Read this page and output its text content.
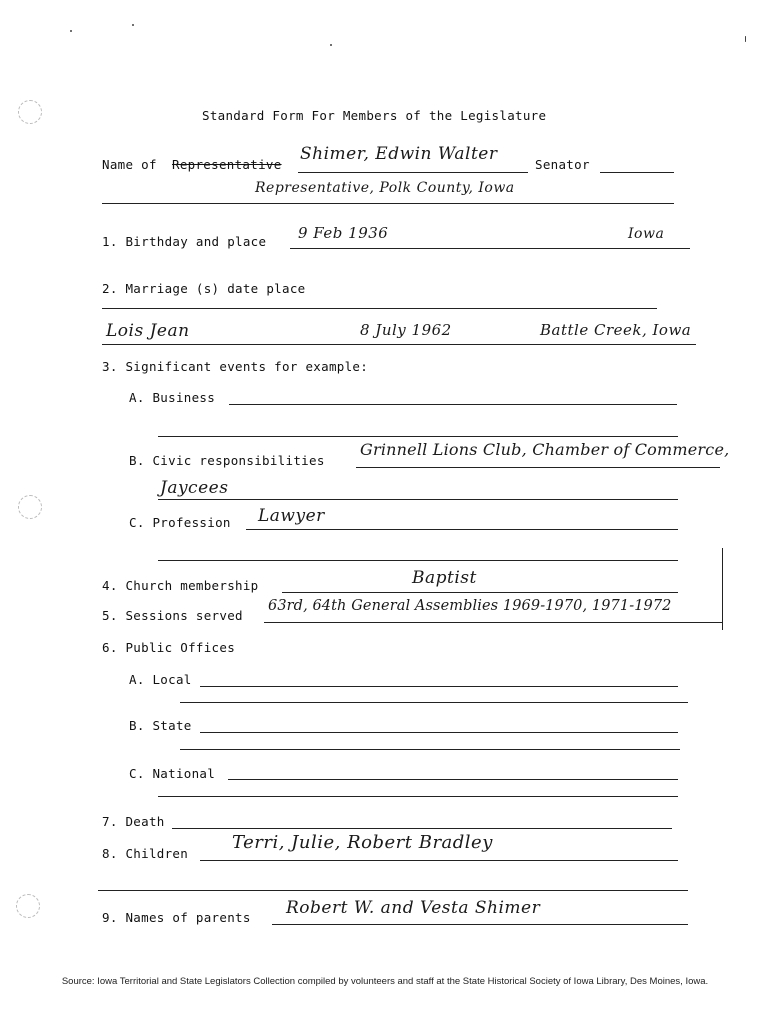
Standard Form For Members of the Legislature
Name of Representative
Shimer, Edwin Walter
Senator
Representative, Polk County, Iowa
1. Birthday and place 9 Feb 1936	Iowa
2. Marriage (s) date place
Lois Jean	8 July 1962	Battle Creek, Iowa
3. Significant events for example:
A. Business
B. Civic responsibilities
Grinnell Lions Club, Chamber of Commerce,
Jaycees
C. Profession Lawyer
4. Church membership	Baptist
5. Sessions served
63rd, 64th General Assemblies 1969-1970, 1971-1972
6. Public Offices
A. Local
B. State
C. National
7. Death
8. Children
Terri, Julie, Robert Bradley
9. Names of parents Robert W. and Vesta Shimer
Source: Iowa Territorial and State Legislators Collection compiled by volunteers and staff at the State Historical Society of Iowa Library, Des Moines, Iowa.
